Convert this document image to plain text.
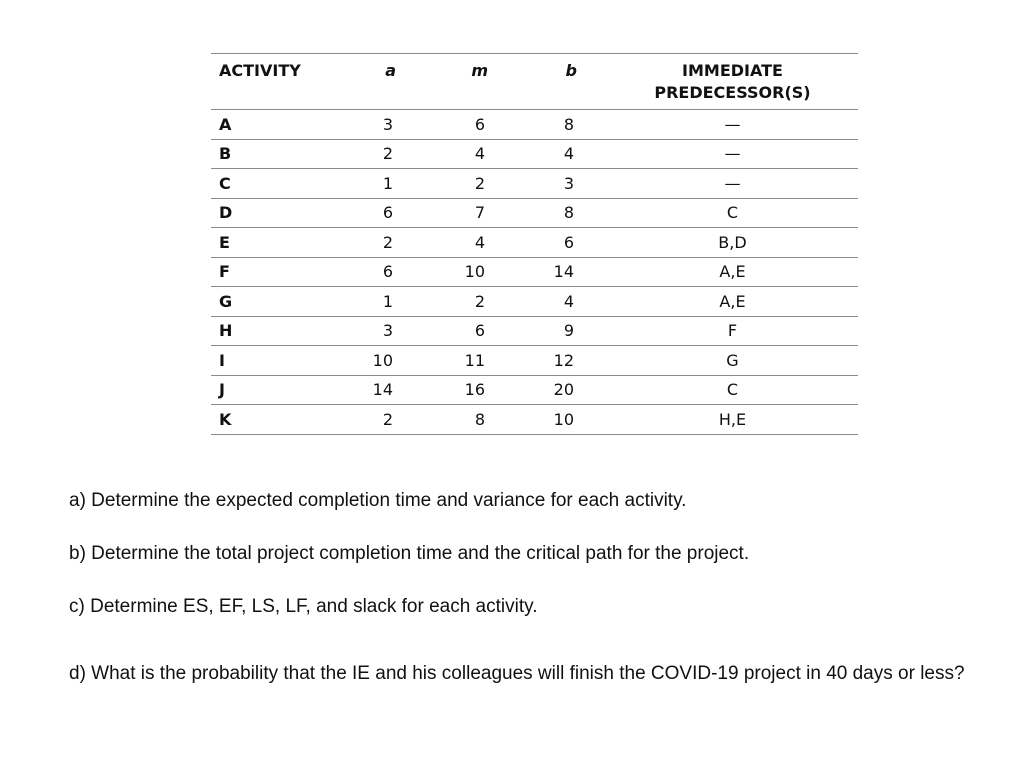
ACTIVITY	a	m	b	IMMEDIATE
PREDECESSOR(S)
A	3	6	8	—
B	2	4	4	—
C	1	2	3	—
D	6	7	8	C
E	2	4	6	B,D
F	6	10	14	A,E
G	1	2	4	A,E
H	3	6	9	F
I	10	11	12	G
J	14	16	20	C
K	2	8	10	H,E

a) Determine the expected completion time and variance for each activity.

b) Determine the total project completion time and the critical path for the project.

c) Determine ES, EF, LS, LF, and slack for each activity.

d) What is the probability that the IE and his colleagues will finish the COVID-19 project in 40 days or less?
